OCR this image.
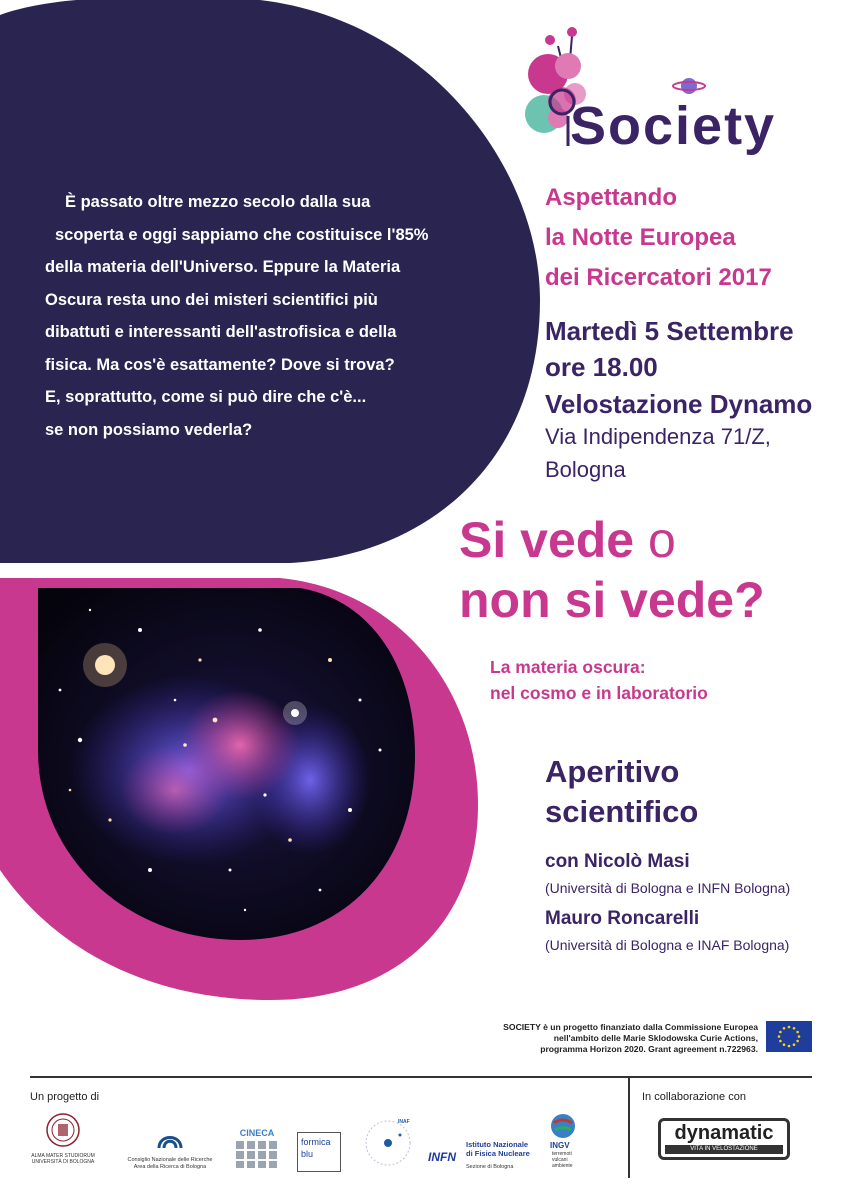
È passato oltre mezzo secolo dalla sua
scoperta e oggi sappiamo che costituisce l'85%
della materia dell'Universo. Eppure la Materia
Oscura resta uno dei misteri scientifici più
dibattuti e interessanti dell'astrofisica e della
fisica. Ma cos'è esattamente? Dove si trova?
E, soprattutto, come si può dire che c'è...
se non possiamo vederla?
Society
Aspettando
la Notte Europea
dei Ricercatori 2017
Martedì 5 Settembre
ore 18.00
Velostazione Dynamo
Via Indipendenza 71/Z,
Bologna
Si vede o
non si vede?
La materia oscura:
nel cosmo e in laboratorio
Aperitivo
scientifico
con Nicolò Masi
(Università di Bologna e INFN Bologna)
Mauro Roncarelli
(Università di Bologna e INAF Bologna)
SOCIETY è un progetto finanziato dalla Commissione Europea
nell'ambito delle Marie Sklodowska Curie Actions,
programma Horizon 2020. Grant agreement n.722963.
Un progetto di	In collaborazione con
ALMA MATER STUDIORUM
UNIVERSITÀ DI BOLOGNA	Consiglio Nazionale delle Ricerche
Area della Ricerca di Bologna
CINECA
formica
blu
INAF
INFN
Istituto Nazionale
di Fisica Nucleare
Sezione di Bologna
INGV
terremoti
vulcani
ambiente
dynamatic
VITA IN VELOSTAZIONE
